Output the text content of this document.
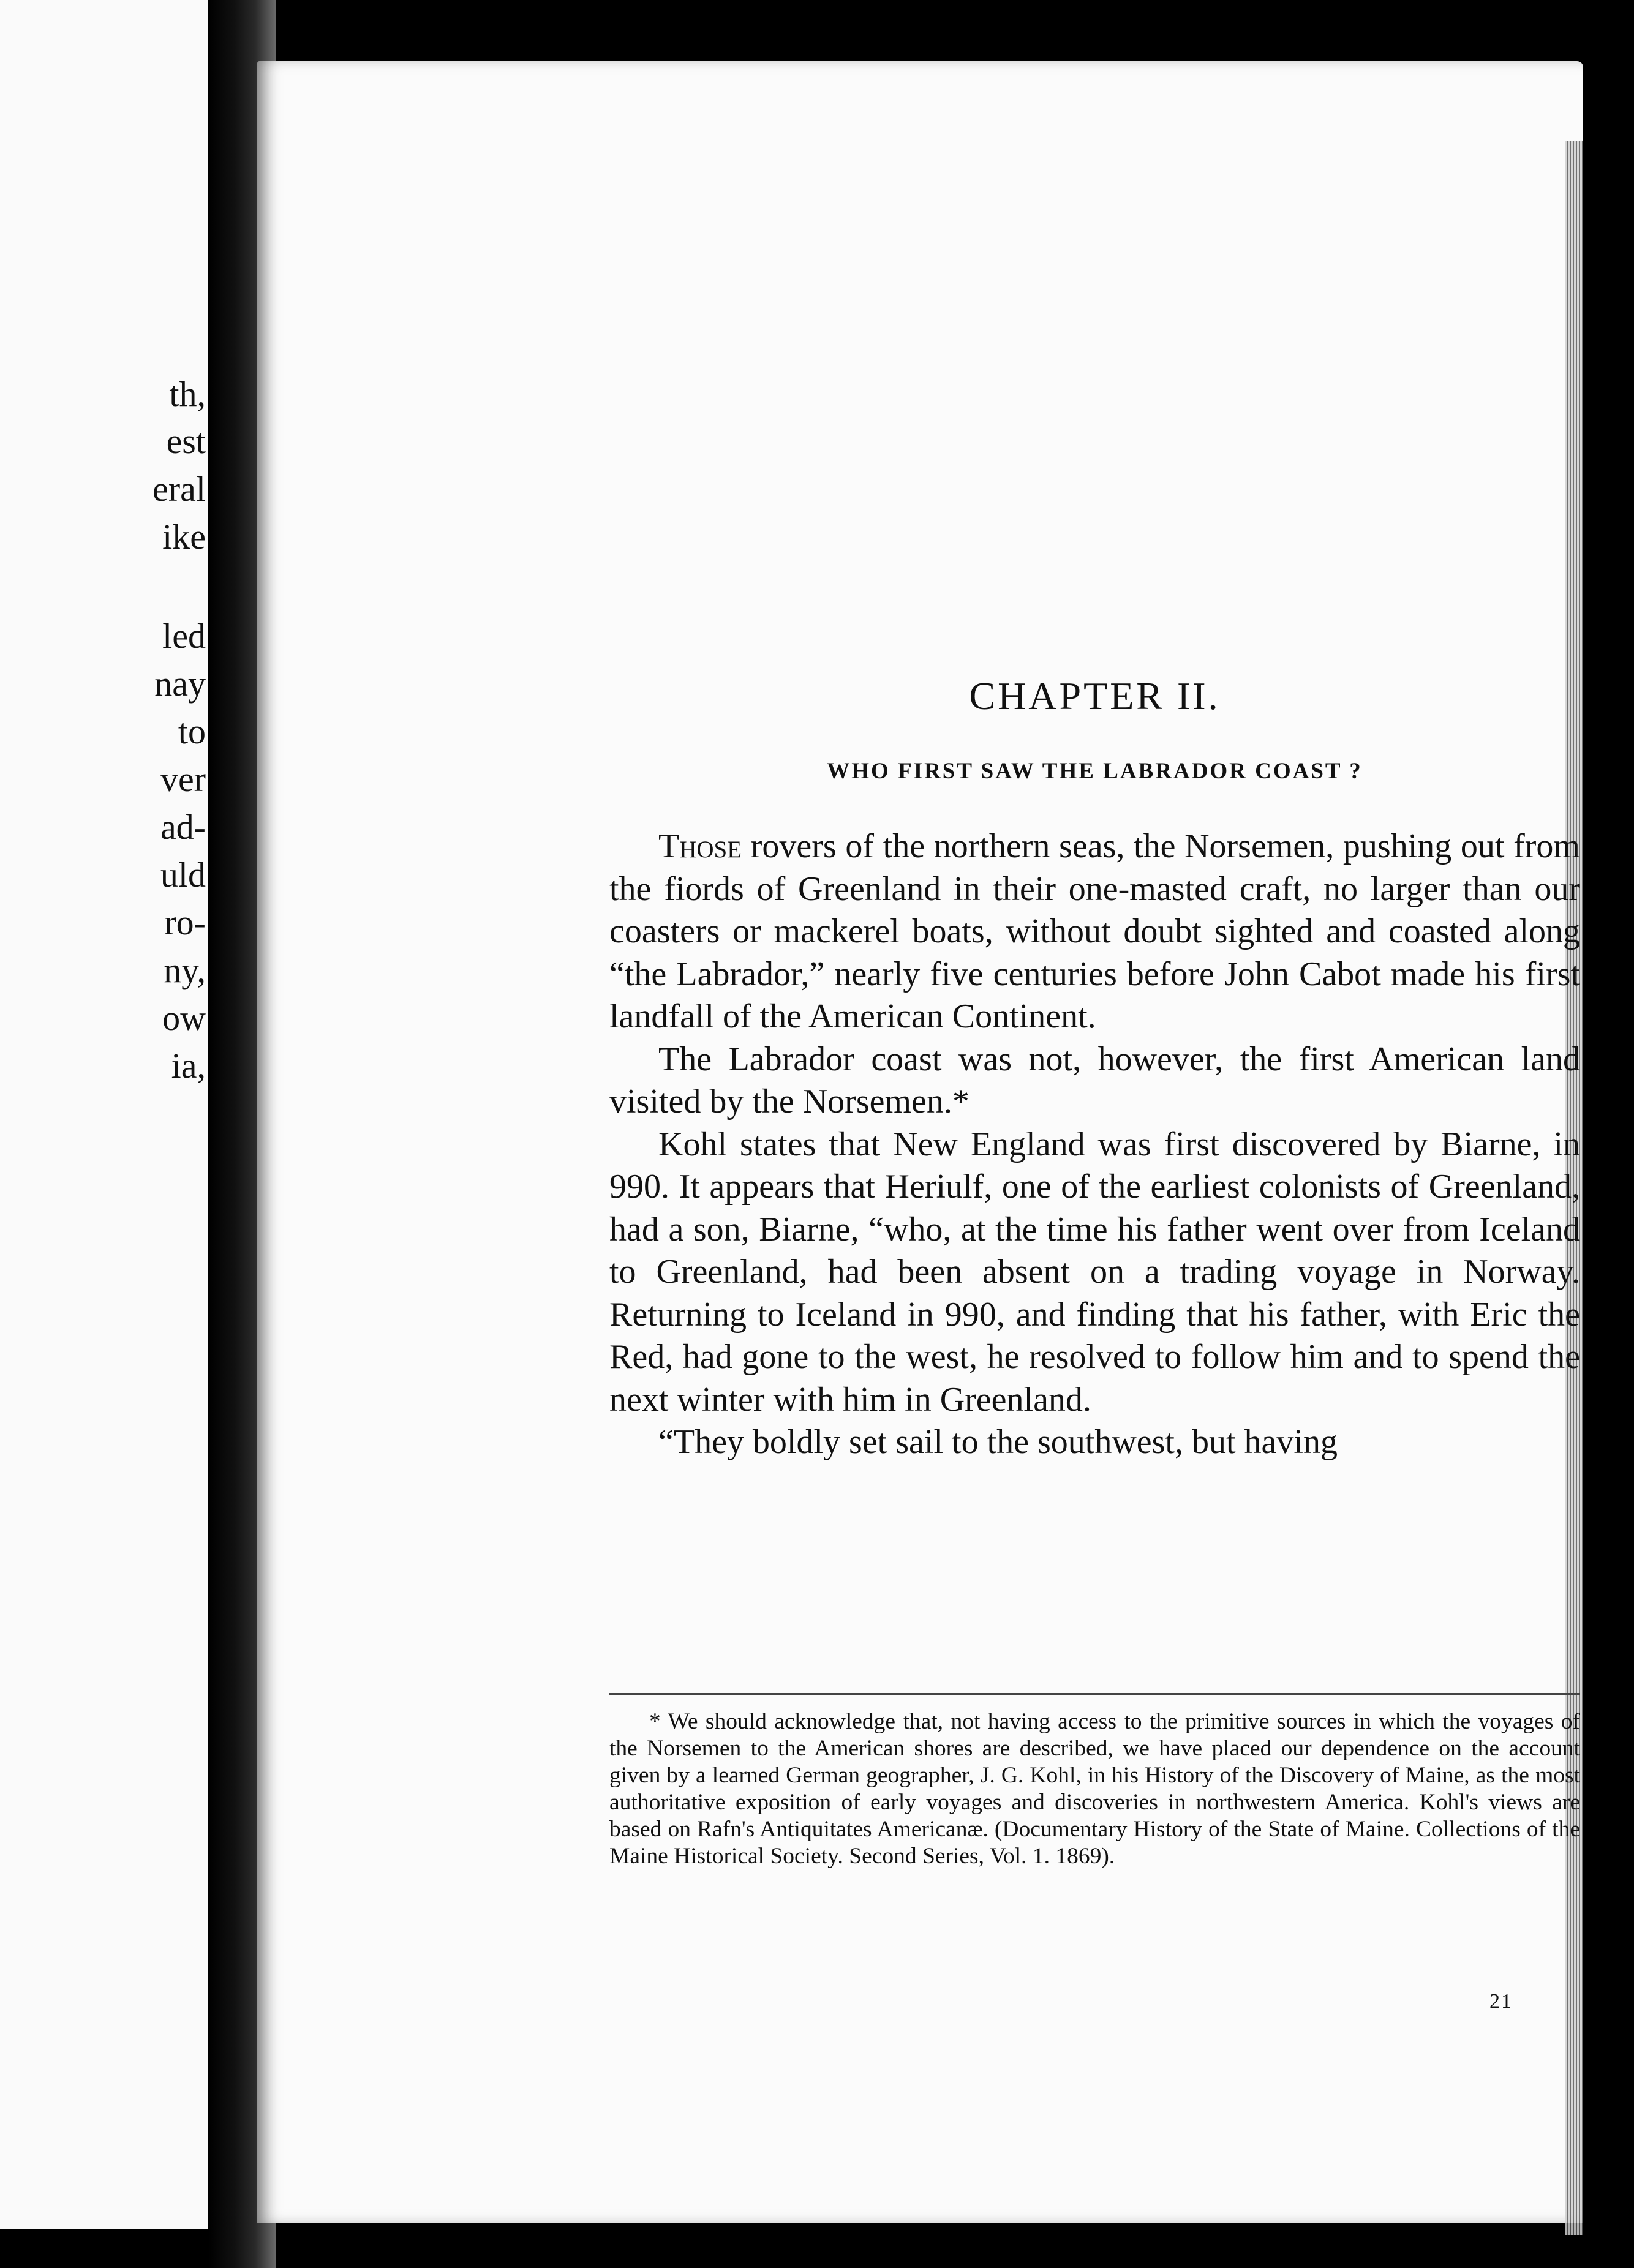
th,
est
eral
ike
led
nay
to
ver
ad-
uld
ro-
ny,
ow
ia,
CHAPTER II.
WHO FIRST SAW THE LABRADOR COAST ?

Those rovers of the northern seas, the Norsemen, pushing out from the fiords of Greenland in their one-masted craft, no larger than our coasters or mackerel boats, without doubt sighted and coasted along “the Labrador,” nearly five centuries before John Cabot made his first landfall of the American Continent.

The Labrador coast was not, however, the first American land visited by the Norsemen.*

Kohl states that New England was first discovered by Biarne, in 990. It appears that Heriulf, one of the earliest colonists of Greenland, had a son, Biarne, “who, at the time his father went over from Iceland to Greenland, had been absent on a trading voyage in Norway. Returning to Iceland in 990, and finding that his father, with Eric the Red, had gone to the west, he resolved to follow him and to spend the next winter with him in Greenland.

“They boldly set sail to the southwest, but having

* We should acknowledge that, not having access to the primitive sources in which the voyages of the Norsemen to the American shores are described, we have placed our dependence on the account given by a learned German geographer, J. G. Kohl, in his History of the Discovery of Maine, as the most authoritative exposition of early voyages and discoveries in northwestern America. Kohl's views are based on Rafn's Antiquitates Americanæ. (Documentary History of the State of Maine. Collections of the Maine Historical Society. Second Series, Vol. 1. 1869).

21
